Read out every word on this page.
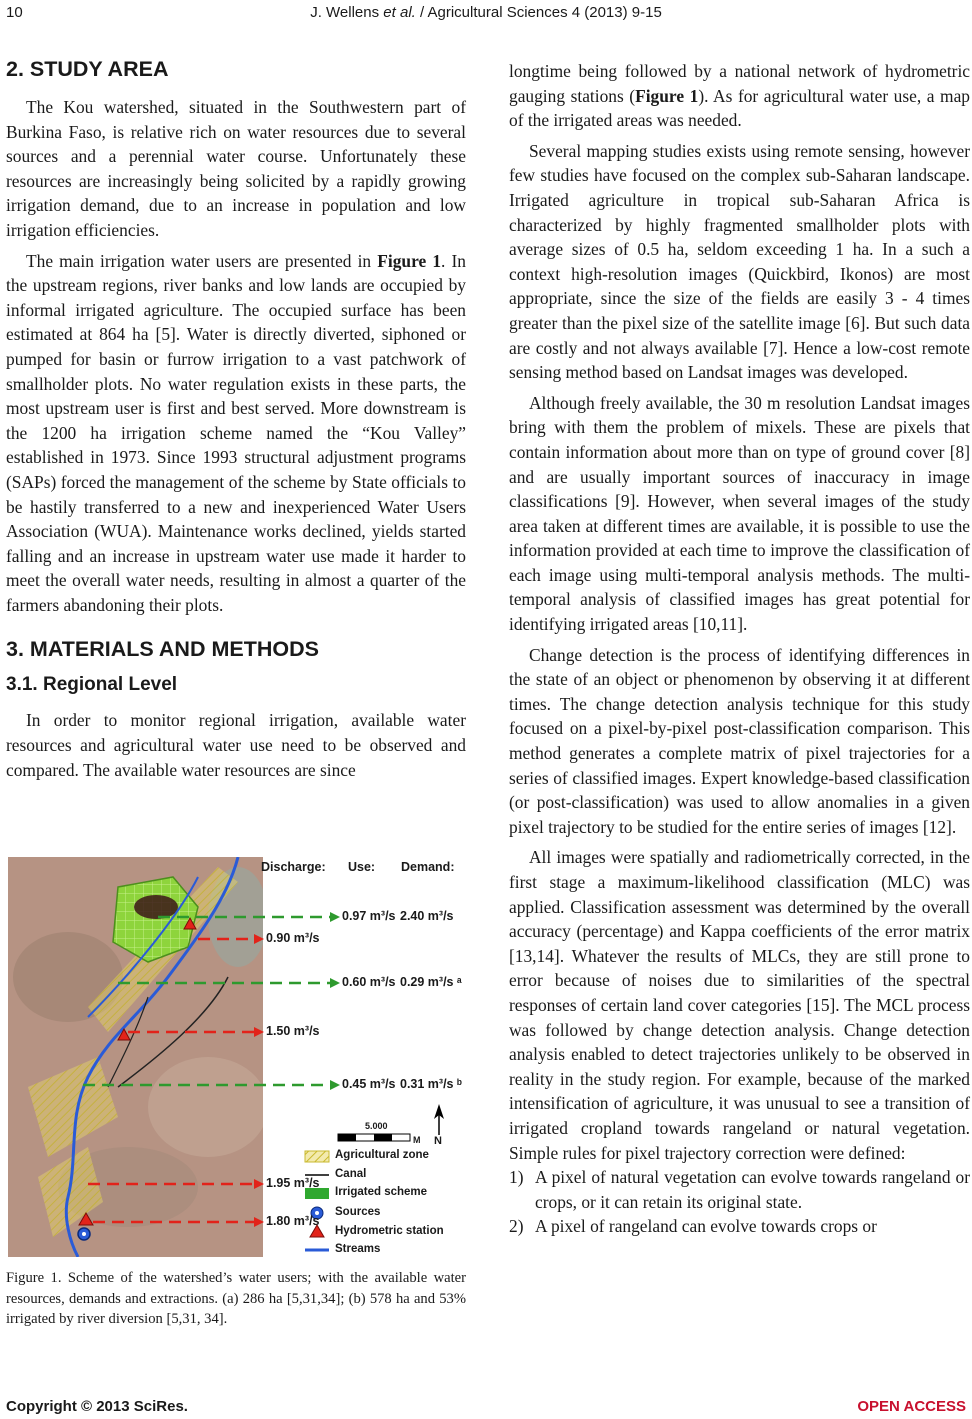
10	J. Wellens et al. / Agricultural Sciences 4 (2013) 9-15
2. STUDY AREA

The Kou watershed, situated in the Southwestern part of Burkina Faso, is relative rich on water resources due to several sources and a perennial water course. Unfortunately these resources are increasingly being solicited by a rapidly growing irrigation demand, due to an increase in population and low irrigation efficiencies.

The main irrigation water users are presented in Figure 1. In the upstream regions, river banks and low lands are occupied by informal irrigated agriculture. The occupied surface has been estimated at 864 ha [5]. Water is directly diverted, siphoned or pumped for basin or furrow irrigation to a vast patchwork of smallholder plots. No water regulation exists in these parts, the most upstream user is first and best served. More downstream is the 1200 ha irrigation scheme named the “Kou Valley” established in 1973. Since 1993 structural adjustment programs (SAPs) forced the management of the scheme by State officials to be hastily transferred to a new and inexperienced Water Users Association (WUA). Maintenance works declined, yields started falling and an increase in upstream water use made it harder to meet the overall water needs, resulting in almost a quarter of the farmers abandoning their plots.

3. MATERIALS AND METHODS
3.1. Regional Level

In order to monitor regional irrigation, available water resources and agricultural water use need to be observed and compared. The available water resources are since

Discharge: Use: Demand:
0.97 m³/s 2.40 m³/s
0.90 m³/s
0.60 m³/s 0.29 m³/s ᵃ
1.50 m³/s
0.45 m³/s 0.31 m³/s ᵇ
1.95 m³/s
1.80 m³/s
5.000
M N
Agricultural zone
Canal
Irrigated scheme
Sources
Hydrometric station
Streams
Figure 1. Scheme of the watershed’s water users; with the available water resources, demands and extractions. (a) 286 ha [5,31,34]; (b) 578 ha and 53% irrigated by river diversion [5,31, 34].

longtime being followed by a national network of hydrometric gauging stations (Figure 1). As for agricultural water use, a map of the irrigated areas was needed.

Several mapping studies exists using remote sensing, however few studies have focused on the complex sub-Saharan landscape. Irrigated agriculture in tropical sub-Saharan Africa is characterized by highly fragmented smallholder plots with average sizes of 0.5 ha, seldom exceeding 1 ha. In a such a context high-resolution images (Quickbird, Ikonos) are most appropriate, since the size of the fields are easily 3 - 4 times greater than the pixel size of the satellite image [6]. But such data are costly and not always available [7]. Hence a low-cost remote sensing method based on Landsat images was developed.

Although freely available, the 30 m resolution Landsat images bring with them the problem of mixels. These are pixels that contain information about more than on type of ground cover [8] and are usually important sources of inaccuracy in image classifications [9]. However, when several images of the study area taken at different times are available, it is possible to use the information provided at each time to improve the classification of each image using multi-temporal analysis methods. The multi-temporal analysis of classified images has great potential for identifying irrigated areas [10,11].

Change detection is the process of identifying differences in the state of an object or phenomenon by observing it at different times. The change detection analysis technique for this study focused on a pixel-by-pixel post-classification comparison. This method generates a complete matrix of pixel trajectories for a series of classified images. Expert knowledge-based classification (or post-classification) was used to allow anomalies in a given pixel trajectory to be studied for the entire series of images [12].

All images were spatially and radiometrically corrected, in the first stage a maximum-likelihood classification (MLC) was applied. Classification assessment was determined by the overall accuracy (percentage) and Kappa coefficients of the error matrix [13,14]. Whatever the results of MLCs, they are still prone to error because of noises due to similarities of the spectral responses of certain land cover categories [15]. The MCL process was followed by change detection analysis. Change detection analysis enabled to detect trajectories unlikely to be observed in reality in the study region. For example, because of the marked intensification of agriculture, it was unusual to see a transition of irrigated cropland towards rangeland or natural vegetation. Simple rules for pixel trajectory correction were defined:

1) A pixel of natural vegetation can evolve towards rangeland or crops, or it can retain its original state.
2) A pixel of rangeland can evolve towards crops or
Copyright © 2013 SciRes.	OPEN ACCESS
